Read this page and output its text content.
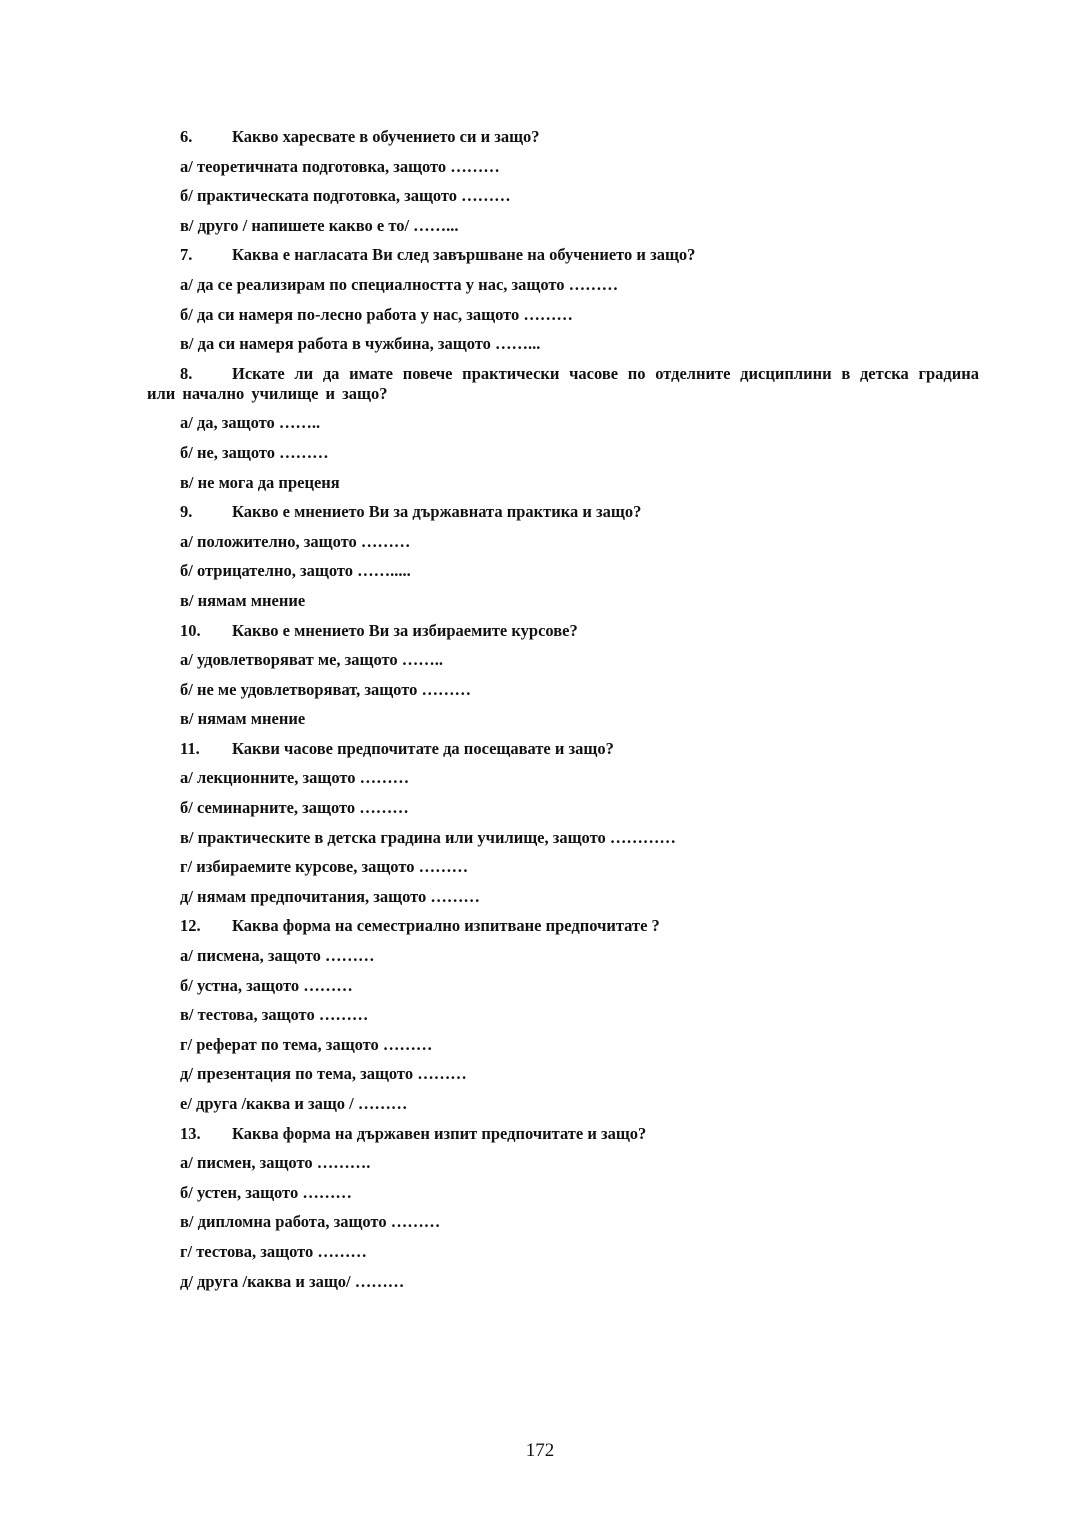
6. Какво харесвате в обучението си и защо?

а/ теоретичната подготовка, защото ………

б/ практическата подготовка, защото ………

в/ друго / напишете какво е то/ ……...

7. Каква е нагласата Ви след завършване на обучението и защо?

а/ да се реализирам по специалността у нас, защото ………

б/ да си намеря по-лесно работа у нас, защото ………

в/ да си намеря работа в чужбина, защото ……...

8. Искате ли да имате повече практически часове по отделните дисциплини в детска градина или начално училище и защо?

а/ да, защото ……..

б/ не, защото ………

в/ не мога да преценя

9. Какво е мнението Ви за държавната практика и защо?

а/ положително, защото ………

б/ отрицателно, защото …….....

в/ нямам мнение

10. Какво е мнението Ви за избираемите курсове?

а/ удовлетворяват ме, защото ……..

б/ не ме удовлетворяват, защото ………

в/ нямам мнение

11. Какви часове предпочитате да посещавате и защо?

а/ лекционните, защото ………

б/ семинарните, защото ………

в/ практическите в детска градина или училище, защото …………

г/ избираемите курсове, защото ………

д/ нямам предпочитания, защото ………

12. Каква форма на семестриално изпитване предпочитате ?

а/ писмена, защото ………

б/ устна, защото ………

в/ тестова, защото ………

г/ реферат по тема, защото ………

д/ презентация по тема, защото ………

е/ друга /каква и защо / ………

13. Каква форма на държавен изпит предпочитате и защо?

а/ писмен, защото ……….

б/ устен, защото ………

в/ дипломна работа, защото ………

г/ тестова, защото ………

д/ друга /каква и защо/ ………

172
